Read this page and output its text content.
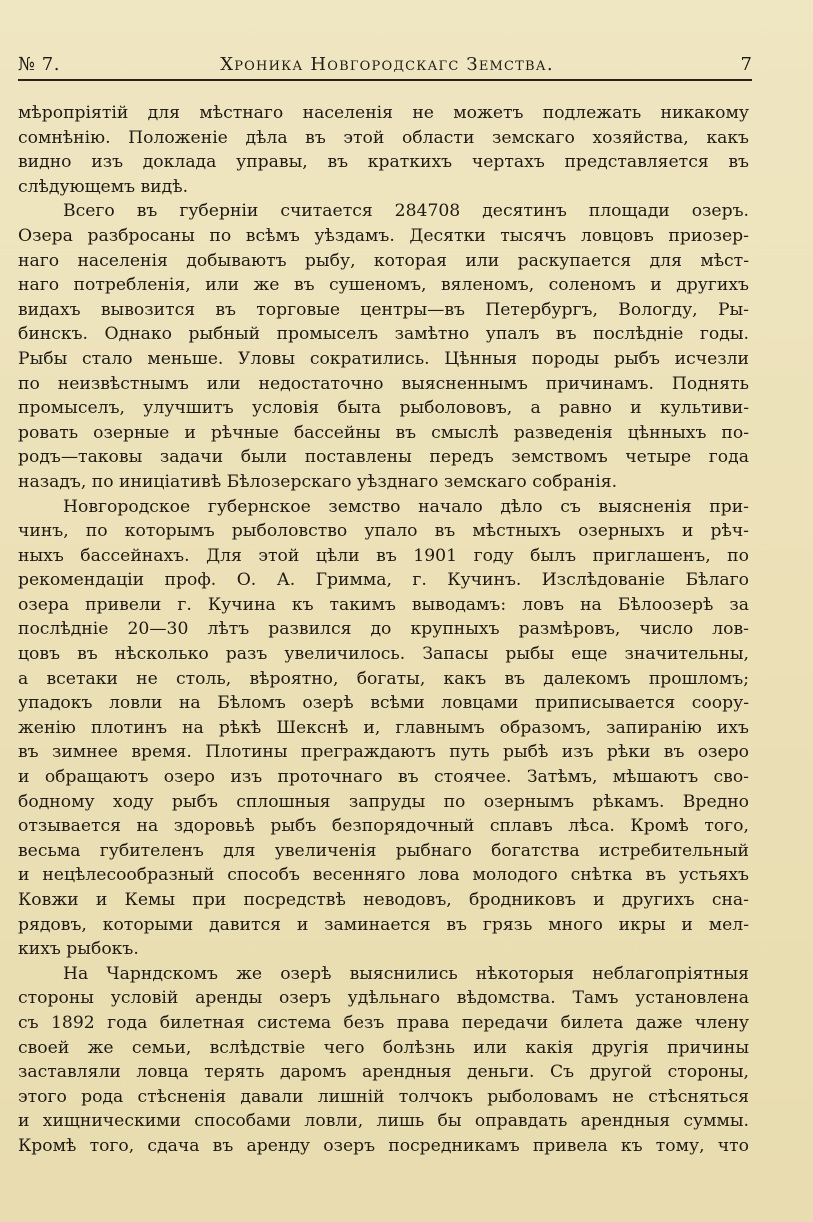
№ 7.	Хроника Новгородскагс Земства.	7
мѣропріятій для мѣстнаго населенія не можетъ подлежать никакому
сомнѣнію. Положеніе дѣла въ этой области земскаго хозяйства, какъ
видно изъ доклада управы, въ краткихъ чертахъ представляется въ
слѣдующемъ видѣ.
Всего въ губерніи считается 284708 десятинъ площади озеръ.
Озера разбросаны по всѣмъ уѣздамъ. Десятки тысячъ ловцовъ приозер-
наго населенія добываютъ рыбу, которая или раскупается для мѣст-
наго потребленія, или же въ сушеномъ, вяленомъ, соленомъ и другихъ
видахъ вывозится въ торговые центры—въ Петербургъ, Вологду, Ры-
бинскъ. Однако рыбный промыселъ замѣтно упалъ въ послѣдніе годы.
Рыбы стало меньше. Уловы сократились. Цѣнныя породы рыбъ исчезли
по неизвѣстнымъ или недостаточно выясненнымъ причинамъ. Поднять
промыселъ, улучшитъ условія быта рыболововъ, а равно и культиви-
ровать озерные и рѣчные бассейны въ смыслѣ разведенія цѣнныхъ по-
родъ—таковы задачи были поставлены передъ земствомъ четыре года
назадъ, по иниціативѣ Бѣлозерскаго уѣзднаго земскаго собранія.
Новгородское губернское земство начало дѣло съ выясненія при-
чинъ, по которымъ рыболовство упало въ мѣстныхъ озерныхъ и рѣч-
ныхъ бассейнахъ. Для этой цѣли въ 1901 году былъ приглашенъ, по
рекомендаціи проф. О. А. Гримма, г. Кучинъ. Изслѣдованіе Бѣлаго
озера привели г. Кучина къ такимъ выводамъ: ловъ на Бѣлоозерѣ за
послѣдніе 20—30 лѣтъ развился до крупныхъ размѣровъ, число лов-
цовъ въ нѣсколько разъ увеличилось. Запасы рыбы еще значительны,
а всетаки не столь, вѣроятно, богаты, какъ въ далекомъ прошломъ;
упадокъ ловли на Бѣломъ озерѣ всѣми ловцами приписывается соору-
женію плотинъ на рѣкѣ Шекснѣ и, главнымъ образомъ, запиранію ихъ
въ зимнее время. Плотины преграждаютъ путь рыбѣ изъ рѣки въ озеро
и обращаютъ озеро изъ проточнаго въ стоячее. Затѣмъ, мѣшаютъ сво-
бодному ходу рыбъ сплошныя запруды по озернымъ рѣкамъ. Вредно
отзывается на здоровьѣ рыбъ безпорядочный сплавъ лѣса. Кромѣ того,
весьма губителенъ для увеличенія рыбнаго богатства истребительный
и нецѣлесообразный способъ весенняго лова молодого снѣтка въ устьяхъ
Ковжи и Кемы при посредствѣ неводовъ, бродниковъ и другихъ сна-
рядовъ, которыми давится и заминается въ грязь много икры и мел-
кихъ рыбокъ.
На Чарндскомъ же озерѣ выяснились нѣкоторыя неблагопріятныя
стороны условій аренды озеръ удѣльнаго вѣдомства. Тамъ установлена
съ 1892 года билетная система безъ права передачи билета даже члену
своей же семьи, вслѣдствіе чего болѣзнь или какія другія причины
заставляли ловца терять даромъ арендныя деньги. Съ другой стороны,
этого рода стѣсненія давали лишній толчокъ рыболовамъ не стѣсняться
и хищническими способами ловли, лишь бы оправдать арендныя суммы.
Кромѣ того, сдача въ аренду озеръ посредникамъ привела къ тому, что
